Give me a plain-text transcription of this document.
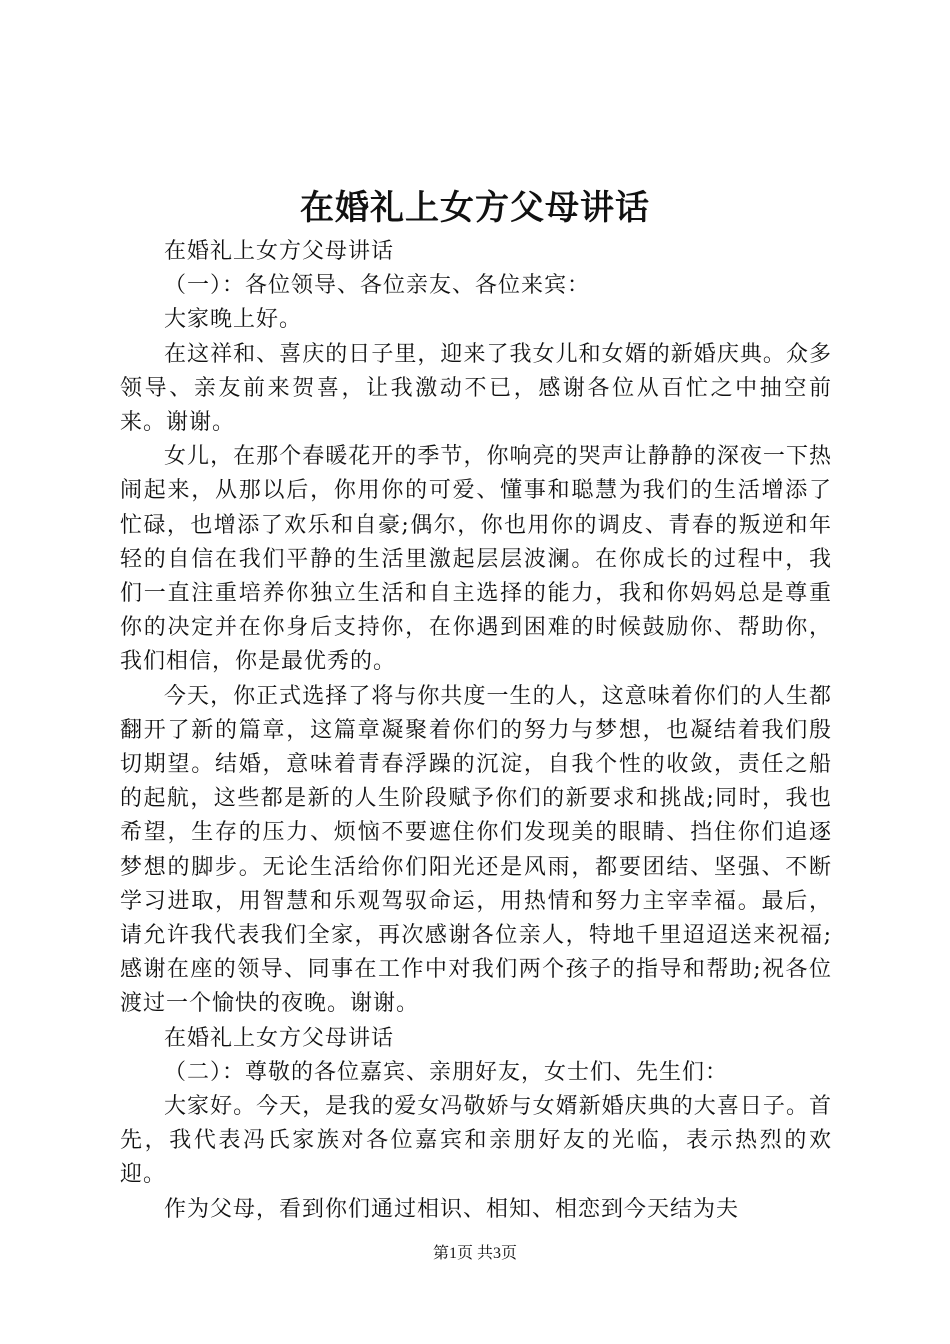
在婚礼上女方父母讲话

在婚礼上女方父母讲话

（一）：各位领导、各位亲友、各位来宾：

大家晚上好。

在这祥和、喜庆的日子里，迎来了我女儿和女婿的新婚庆典。众多领导、亲友前来贺喜，让我激动不已，感谢各位从百忙之中抽空前来。谢谢。

女儿，在那个春暖花开的季节，你响亮的哭声让静静的深夜一下热闹起来，从那以后，你用你的可爱、懂事和聪慧为我们的生活增添了忙碌，也增添了欢乐和自豪;偶尔，你也用你的调皮、青春的叛逆和年轻的自信在我们平静的生活里激起层层波澜。在你成长的过程中，我们一直注重培养你独立生活和自主选择的能力，我和你妈妈总是尊重你的决定并在你身后支持你，在你遇到困难的时候鼓励你、帮助你，我们相信，你是最优秀的。

今天，你正式选择了将与你共度一生的人，这意味着你们的人生都翻开了新的篇章，这篇章凝聚着你们的努力与梦想，也凝结着我们殷切期望。结婚，意味着青春浮躁的沉淀，自我个性的收敛，责任之船的起航，这些都是新的人生阶段赋予你们的新要求和挑战;同时，我也希望，生存的压力、烦恼不要遮住你们发现美的眼睛、挡住你们追逐梦想的脚步。无论生活给你们阳光还是风雨，都要团结、坚强、不断学习进取，用智慧和乐观驾驭命运，用热情和努力主宰幸福。最后，请允许我代表我们全家，再次感谢各位亲人，特地千里迢迢送来祝福;感谢在座的领导、同事在工作中对我们两个孩子的指导和帮助;祝各位渡过一个愉快的夜晚。谢谢。

在婚礼上女方父母讲话

（二）：尊敬的各位嘉宾、亲朋好友，女士们、先生们：

大家好。今天，是我的爱女冯敬娇与女婿新婚庆典的大喜日子。首先，我代表冯氏家族对各位嘉宾和亲朋好友的光临，表示热烈的欢迎。

作为父母，看到你们通过相识、相知、相恋到今天结为夫

第1页 共3页
